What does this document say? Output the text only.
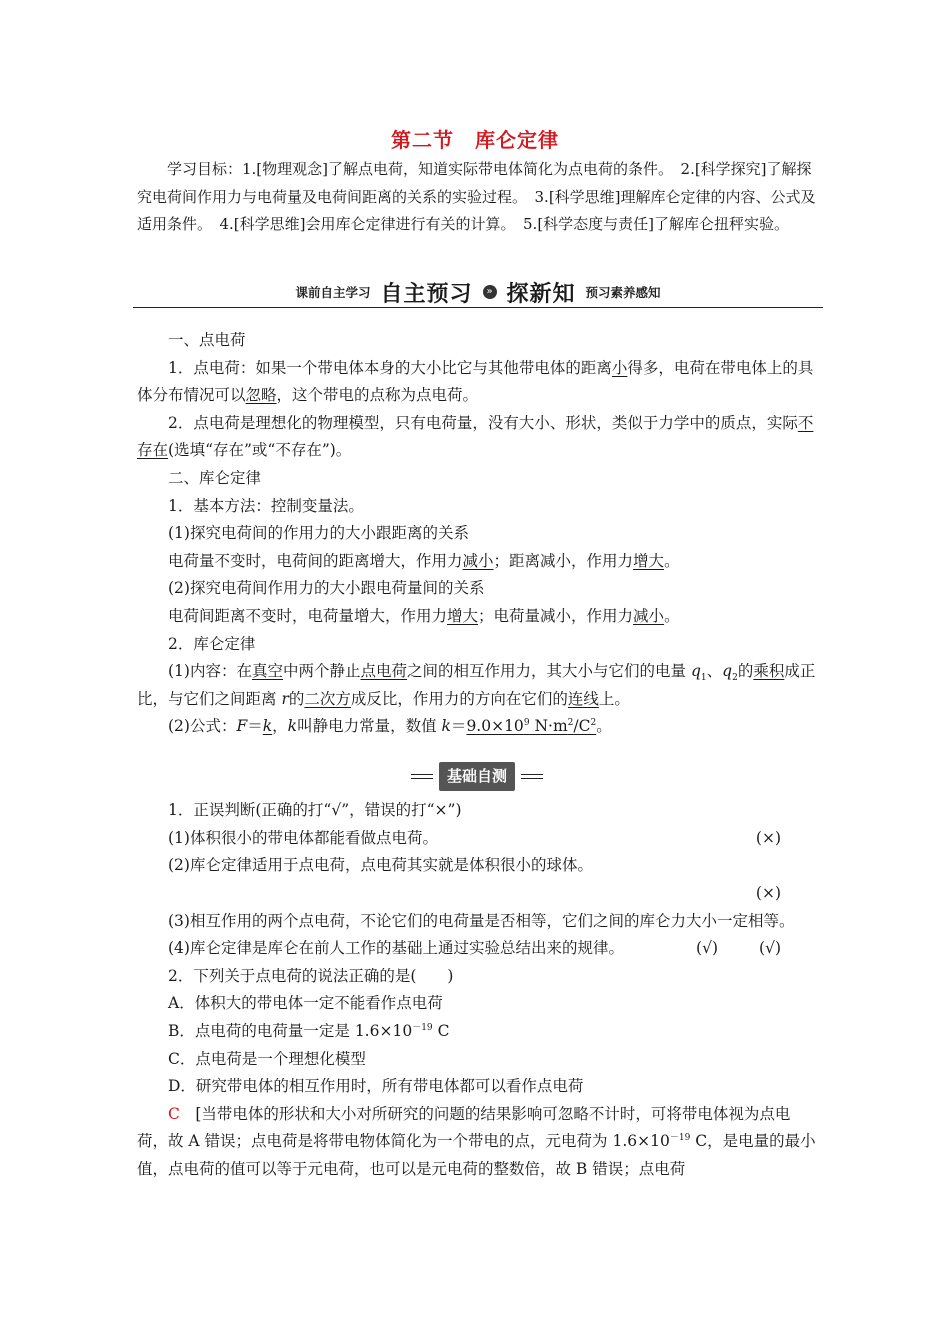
第二节　库仑定律

学习目标：1.[物理观念]了解点电荷，知道实际带电体简化为点电荷的条件。　2.[科学探究]了解探究电荷间作用力与电荷量及电荷间距离的关系的实验过程。　3.[科学思维]理解库仑定律的内容、公式及适用条件。　4.[科学思维]会用库仑定律进行有关的计算。　5.[科学态度与责任]了解库仑扭秤实验。

课前自主学习 自主预习	» 探新知 预习素养感知

一、点电荷

1．点电荷：如果一个带电体本身的大小比它与其他带电体的距离小得多，电荷在带电体上的具体分布情况可以忽略，这个带电的点称为点电荷。

2．点电荷是理想化的物理模型，只有电荷量，没有大小、形状，类似于力学中的质点，实际不存在(选填“存在”或“不存在”)。

二、库仑定律

1．基本方法：控制变量法。

(1)探究电荷间的作用力的大小跟距离的关系

电荷量不变时，电荷间的距离增大，作用力减小；距离减小，作用力增大。

(2)探究电荷间作用力的大小跟电荷量间的关系

电荷间距离不变时，电荷量增大，作用力增大；电荷量减小，作用力减小。

2．库仑定律

(1)内容：在真空中两个静止点电荷之间的相互作用力，其大小与它们的电量 $q_1$、$q_2$的乘积成正比，与它们之间距离 r的二次方成反比，作用力的方向在它们的连线上。

(2)公式：F＝k，k叫静电力常量，数值 $k=9.0\times 10^9$ $N\cdot m^2/C^2$。

基础自测

1．正误判断(正确的打“√”，错误的打“×”)

(1)体积很小的带电体都能看做点电荷。	(×)

(2)库仑定律适用于点电荷，点电荷其实就是体积很小的球体。

(×)

(3)相互作用的两个点电荷，不论它们的电荷量是否相等，它们之间的库仑力大小一定相等。
(√)

(4)库仑定律是库仑在前人工作的基础上通过实验总结出来的规律。	(√)

2．下列关于点电荷的说法正确的是(　　)

A．体积大的带电体一定不能看作点电荷

B．点电荷的电荷量一定是 $1.6\times 10^{-19}$ C

C．点电荷是一个理想化模型

D．研究带电体的相互作用时，所有带电体都可以看作点电荷

C　[当带电体的形状和大小对所研究的问题的结果影响可忽略不计时，可将带电体视为点电荷，故 A 错误；点电荷是将带电物体简化为一个带电的点，元电荷为 $1.6\times 10^{-19}$ C，是电量的最小值，点电荷的值可以等于元电荷，也可以是元电荷的整数倍，故 B 错误；点电荷
